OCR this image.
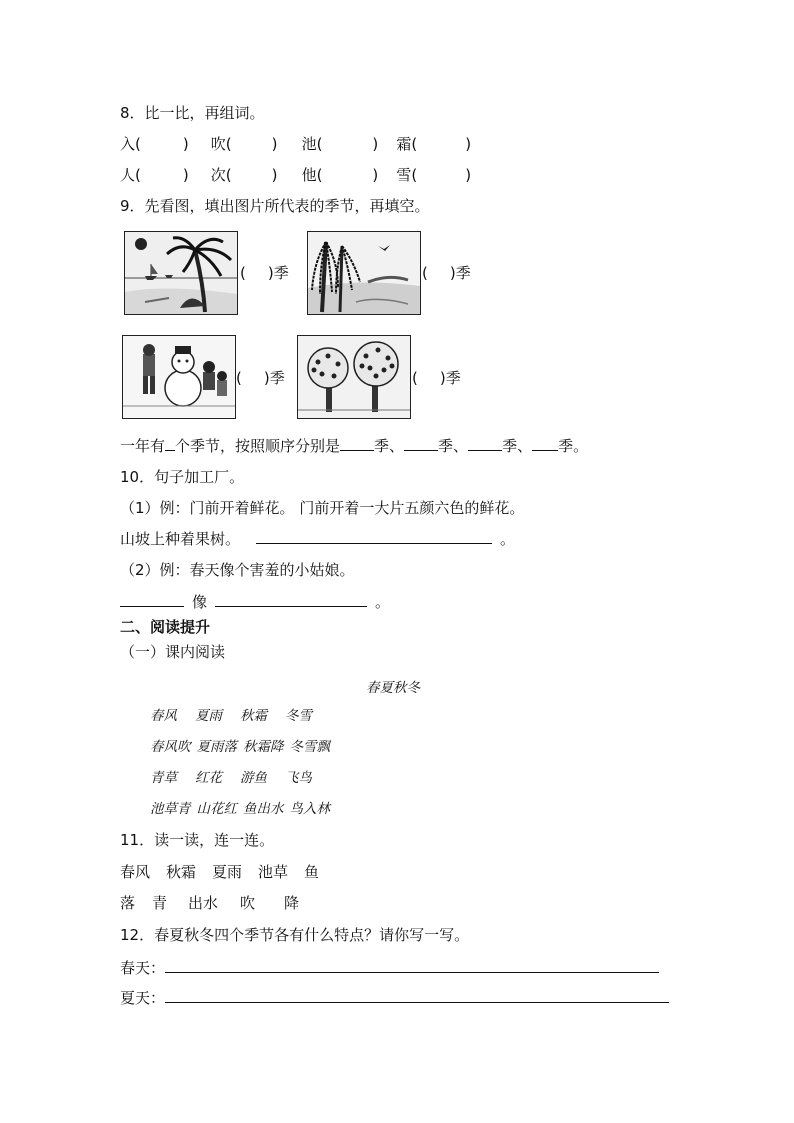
8．比一比，再组词。
入(	) 吹(	) 池(	) 霜(	)
人(	) 次(	) 他(	) 雪(	)
9．先看图，填出图片所代表的季节，再填空。
( )季	( )季
( )季	( )季
一年有 个季节，按照顺序分别是 季、 季、 季、 季。
10．句子加工厂。
（1）例：门前开着鲜花。 门前开着一大片五颜六色的鲜花。
山坡上种着果树。	。
（2）例：春天像个害羞的小姑娘。
像	。
二、阅读提升
（一）课内阅读
春夏秋冬
春风 夏雨 秋霜 冬雪
春风吹 夏雨落 秋霜降 冬雪飘
青草 红花 游鱼 飞鸟
池草青 山花红 鱼出水 鸟入林
11．读一读，连一连。
春风 秋霜 夏雨 池草 鱼
落 青 出水 吹 降
12．春夏秋冬四个季节各有什么特点？请你写一写。
春天：
夏天：
